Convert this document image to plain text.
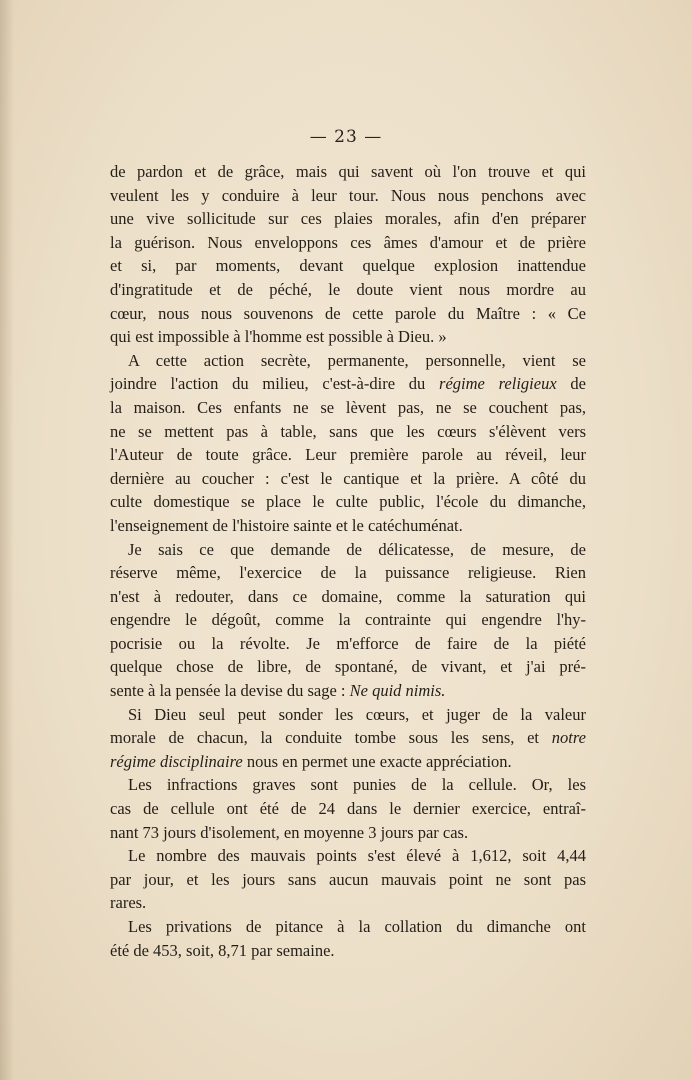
— 23 —

de pardon et de grâce, mais qui savent où l'on trouve et qui

veulent les y conduire à leur tour. Nous nous penchons avec

une vive sollicitude sur ces plaies morales, afin d'en préparer

la guérison. Nous enveloppons ces âmes d'amour et de prière

et si, par moments, devant quelque explosion inattendue

d'ingratitude et de péché, le doute vient nous mordre au

cœur, nous nous souvenons de cette parole du Maître : « Ce

qui est impossible à l'homme est possible à Dieu. »

A cette action secrète, permanente, personnelle, vient se

joindre l'action du milieu, c'est-à-dire du régime religieux de

la maison. Ces enfants ne se lèvent pas, ne se couchent pas,

ne se mettent pas à table, sans que les cœurs s'élèvent vers

l'Auteur de toute grâce. Leur première parole au réveil, leur

dernière au coucher : c'est le cantique et la prière. A côté du

culte domestique se place le culte public, l'école du dimanche,

l'enseignement de l'histoire sainte et le catéchuménat.

Je sais ce que demande de délicatesse, de mesure, de

réserve même, l'exercice de la puissance religieuse. Rien

n'est à redouter, dans ce domaine, comme la saturation qui

engendre le dégoût, comme la contrainte qui engendre l'hy-

pocrisie ou la révolte. Je m'efforce de faire de la piété

quelque chose de libre, de spontané, de vivant, et j'ai pré-

sente à la pensée la devise du sage : Ne quid nimis.

Si Dieu seul peut sonder les cœurs, et juger de la valeur

morale de chacun, la conduite tombe sous les sens, et notre

régime disciplinaire nous en permet une exacte appréciation.

Les infractions graves sont punies de la cellule. Or, les

cas de cellule ont été de 24 dans le dernier exercice, entraî-

nant 73 jours d'isolement, en moyenne 3 jours par cas.

Le nombre des mauvais points s'est élevé à 1,612, soit 4,44

par jour, et les jours sans aucun mauvais point ne sont pas

rares.

Les privations de pitance à la collation du dimanche ont

été de 453, soit, 8,71 par semaine.
